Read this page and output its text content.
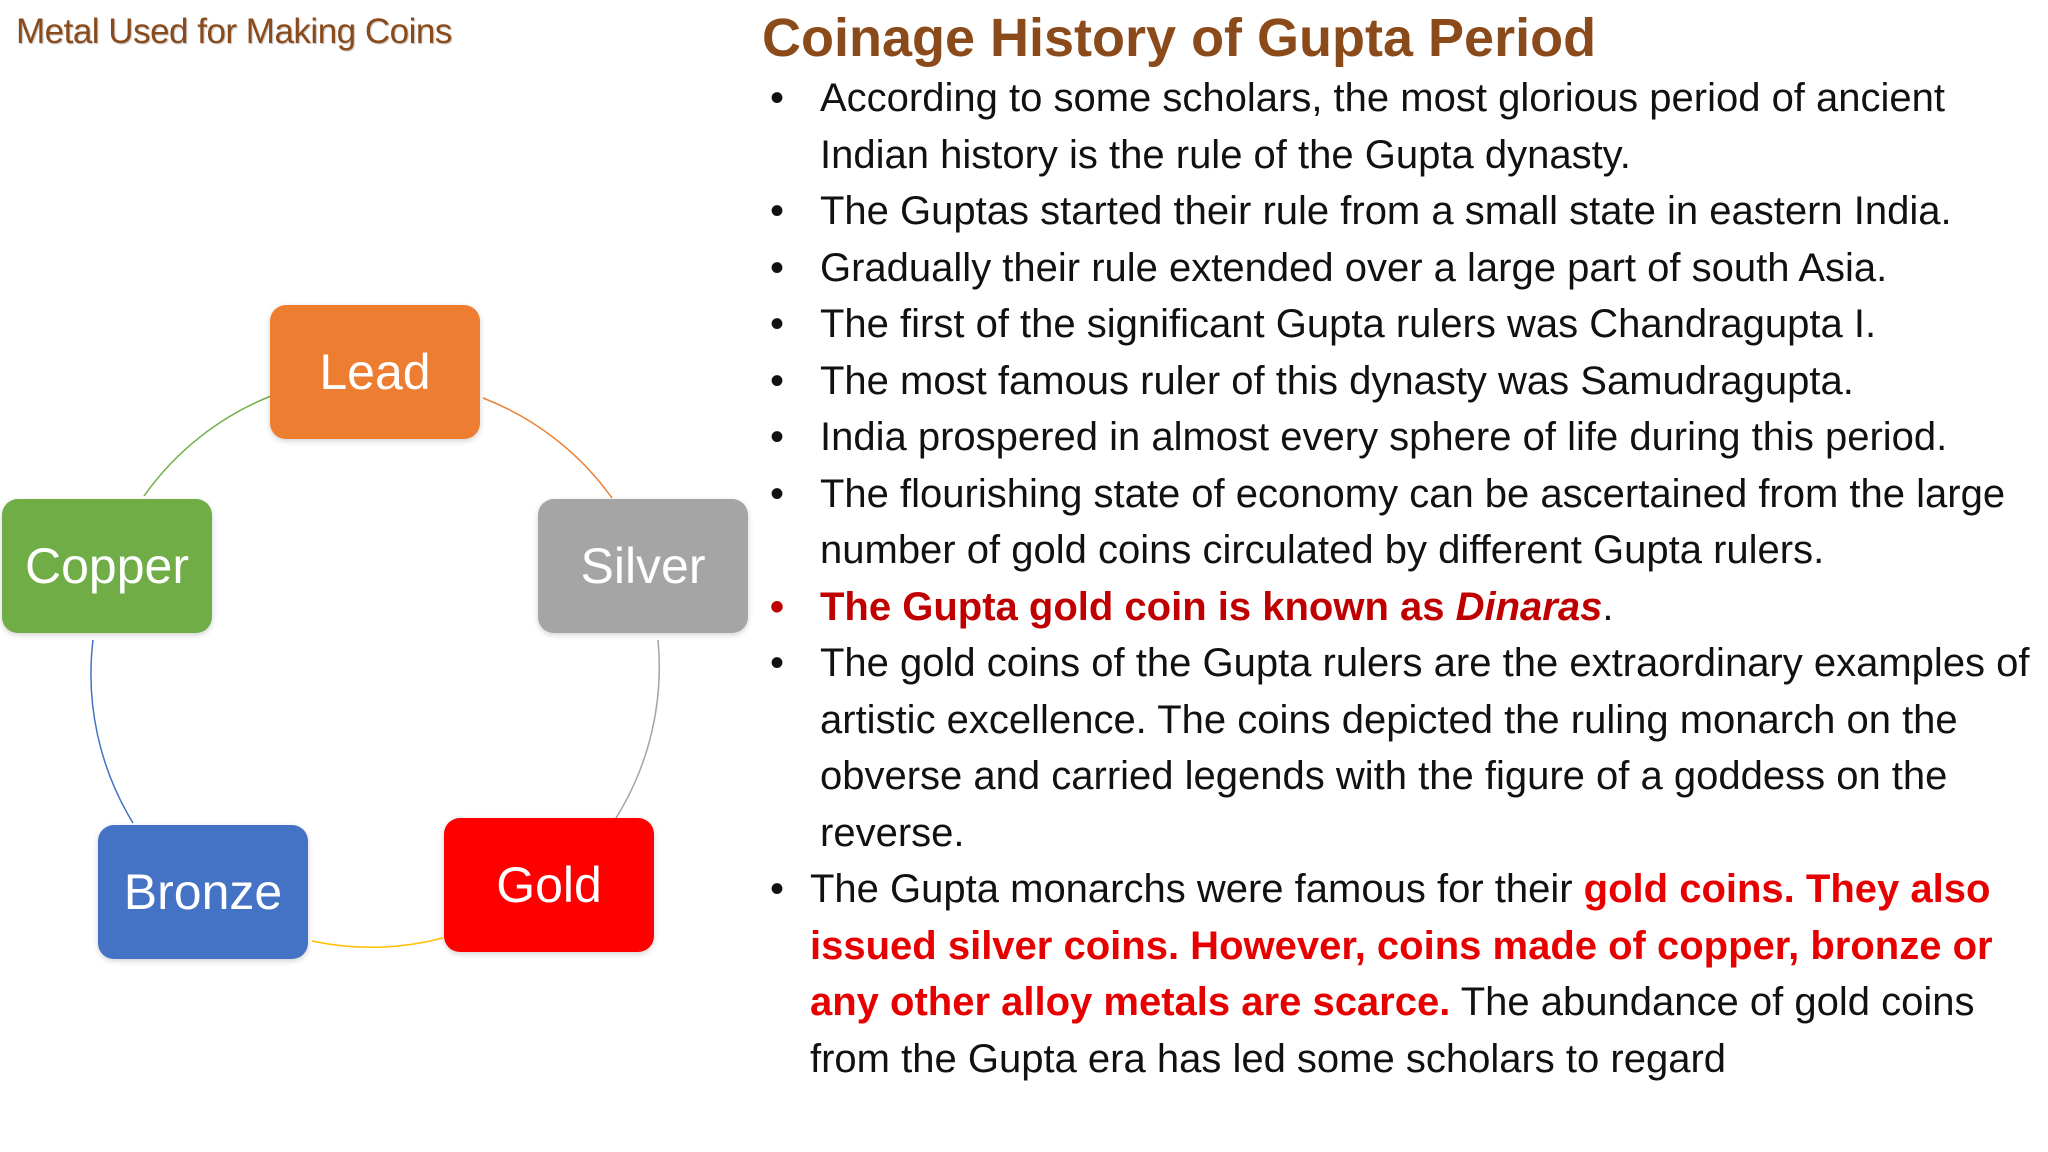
Metal Used for Making Coins
Lead
Silver
Gold
Bronze
Copper
Coinage History of Gupta Period
• According to some scholars, the most glorious period of ancient Indian history is the rule of the Gupta dynasty.
• The Guptas started their rule from a small state in eastern India.
• Gradually their rule extended over a large part of south Asia.
• The first of the significant Gupta rulers was Chandragupta I.
• The most famous ruler of this dynasty was Samudragupta.
• India prospered in almost every sphere of life during this period.
• The flourishing state of economy can be ascertained from the large number of gold coins circulated by different Gupta rulers.
• The Gupta gold coin is known as Dinaras.
• The gold coins of the Gupta rulers are the extraordinary examples of artistic excellence. The coins depicted the ruling monarch on the obverse and carried legends with the figure of a goddess on the reverse.
• The Gupta monarchs were famous for their gold coins. They also issued silver coins. However, coins made of copper, bronze or any other alloy metals are scarce. The abundance of gold coins from the Gupta era has led some scholars to regard
